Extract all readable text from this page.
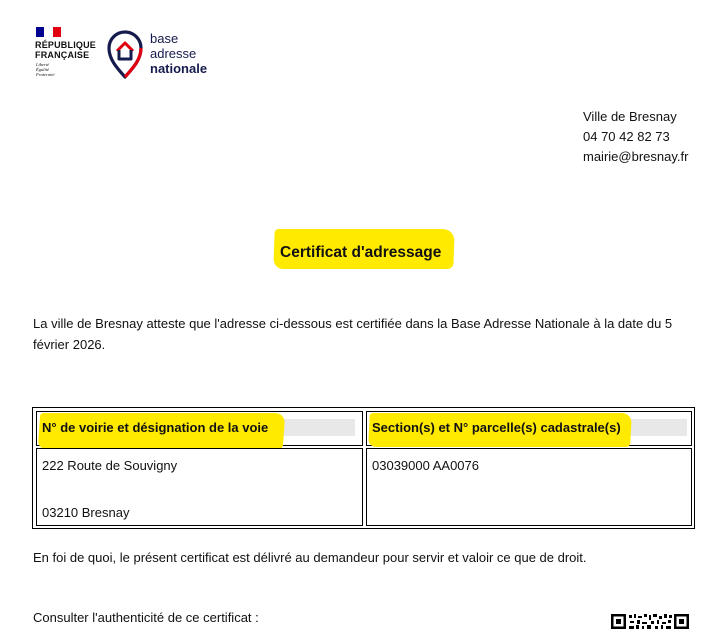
RÉPUBLIQUE
FRANÇAISE
Liberté
Égalité
Fraternité
base
adresse
nationale
Ville de Bresnay
04 70 42 82 73
mairie@bresnay.fr
Certificat d'adressage
La ville de Bresnay atteste que l'adresse ci-dessous est certifiée dans la Base Adresse Nationale à la date du 5 février 2026.
N° de voirie et désignation de la voie	Section(s) et N° parcelle(s) cadastrale(s)
222 Route de Souvigny
03210 Bresnay
03039000 AA0076
En foi de quoi, le présent certificat est délivré au demandeur pour servir et valoir ce que de droit.
Consulter l'authenticité de ce certificat :
